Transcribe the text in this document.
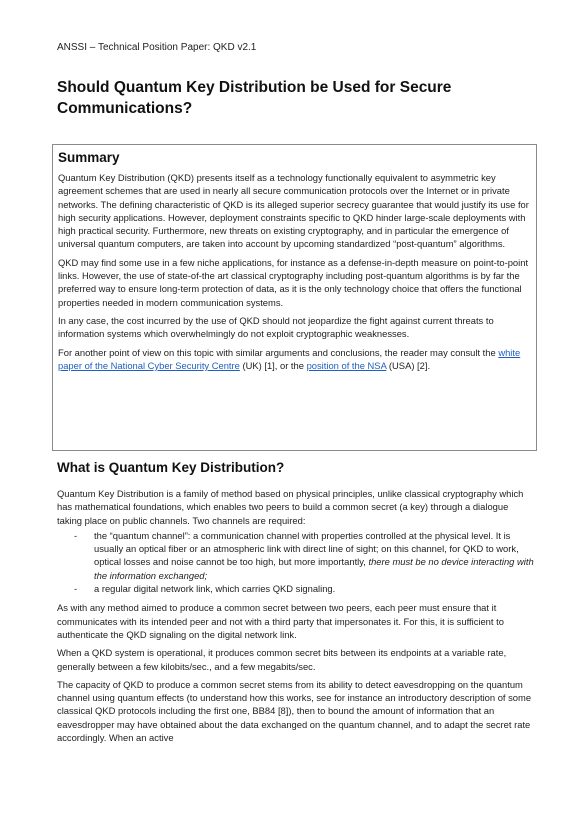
ANSSI – Technical Position Paper: QKD v2.1
Should Quantum Key Distribution be Used for Secure Communications?
Summary

Quantum Key Distribution (QKD) presents itself as a technology functionally equivalent to asymmetric key agreement schemes that are used in nearly all secure communication protocols over the Internet or in private networks. The defining characteristic of QKD is its alleged superior secrecy guarantee that would justify its use for high security applications. However, deployment constraints specific to QKD hinder large-scale deployments with high practical security. Furthermore, new threats on existing cryptography, and in particular the emergence of universal quantum computers, are taken into account by upcoming standardized “post-quantum” algorithms.

QKD may find some use in a few niche applications, for instance as a defense-in-depth measure on point-to-point links. However, the use of state-of-the art classical cryptography including post-quantum algorithms is by far the preferred way to ensure long-term protection of data, as it is the only technology choice that offers the functional properties needed in modern communication systems.

In any case, the cost incurred by the use of QKD should not jeopardize the fight against current threats to information systems which overwhelmingly do not exploit cryptographic weaknesses.

For another point of view on this topic with similar arguments and conclusions, the reader may consult the white paper of the National Cyber Security Centre (UK) [1], or the position of the NSA (USA) [2].

What is Quantum Key Distribution?

Quantum Key Distribution is a family of method based on physical principles, unlike classical cryptography which has mathematical foundations, which enables two peers to build a common secret (a key) through a dialogue taking place on public channels. Two channels are required:

-	the “quantum channel”: a communication channel with properties controlled at the physical level. It is usually an optical fiber or an atmospheric link with direct line of sight; on this channel, for QKD to work, optical losses and noise cannot be too high, but more importantly, there must be no device interacting with the information exchanged;
-	a regular digital network link, which carries QKD signaling.

As with any method aimed to produce a common secret between two peers, each peer must ensure that it communicates with its intended peer and not with a third party that impersonates it. For this, it is sufficient to authenticate the QKD signaling on the digital network link.

When a QKD system is operational, it produces common secret bits between its endpoints at a variable rate, generally between a few kilobits/sec., and a few megabits/sec.

The capacity of QKD to produce a common secret stems from its ability to detect eavesdropping on the quantum channel using quantum effects (to understand how this works, see for instance an introductory description of some classical QKD protocols including the first one, BB84 [8]), then to bound the amount of information that an eavesdropper may have obtained about the data exchanged on the quantum channel, and to adapt the secret rate accordingly. When an active
